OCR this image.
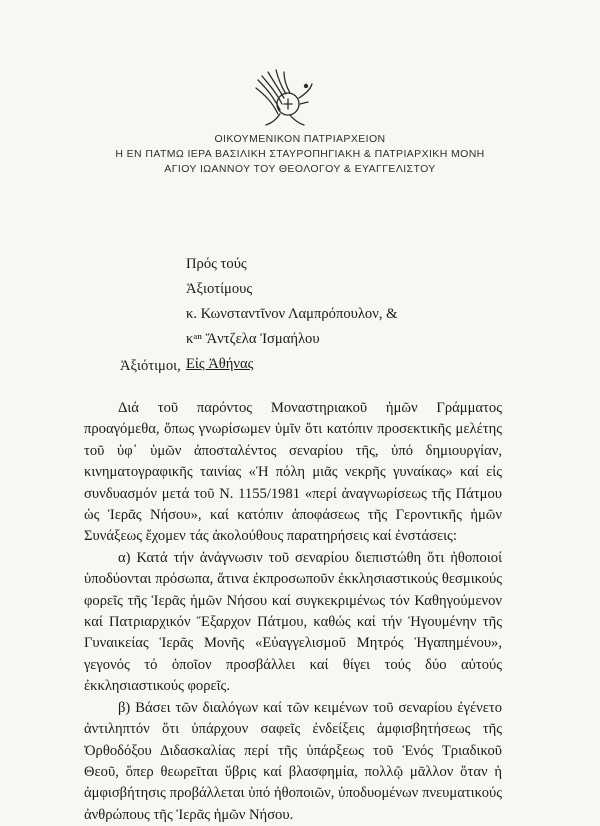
ΟΙΚΟΥΜΕΝΙΚΟΝ ΠΑΤΡΙΑΡΧΕΙΟΝ
Η ΕΝ ΠΑΤΜΩ ΙΕΡΑ ΒΑΣΙΛΙΚΗ ΣΤΑΥΡΟΠΗΓΙΑΚΗ & ΠΑΤΡΙΑΡΧΙΚΗ ΜΟΝΗ
ΑΓΙΟΥ ΙΩΑΝΝΟΥ ΤΟΥ ΘΕΟΛΟΓΟΥ & ΕΥΑΓΓΕΛΙΣΤΟΥ
Πρός τούς
Ἀξιοτίμους
κ. Κωνσταντῖνον Λαμπρόπουλον, &
κᵃⁿ Ἄντζελα Ἰσμαήλου
Εἰς Ἀθήνας
Ἀξιότιμοι,

Διά τοῦ παρόντος Μοναστηριακοῦ ἡμῶν Γράμματος προαγόμεθα, ὅπως γνωρίσωμεν ὑμῖν ὅτι κατόπιν προσεκτικῆς μελέτης τοῦ ὑφ᾽ ὑμῶν ἀποσταλέντος σεναρίου τῆς, ὑπό δημιουργίαν, κινηματογραφικῆς ταινίας «Ἡ πόλη μιᾶς νεκρῆς γυναίκας» καί εἰς συνδυασμόν μετά τοῦ Ν. 1155/1981 «περί ἀναγνωρίσεως τῆς Πάτμου ὡς Ἱερᾶς Νήσου», καί κατόπιν ἀποφάσεως τῆς Γεροντικῆς ἡμῶν Συνάξεως ἔχομεν τάς ἀκολούθους παρατηρήσεις καί ἐνστάσεις:

α) Κατά τήν ἀνάγνωσιν τοῦ σεναρίου διεπιστώθη ὅτι ἠθοποιοί ὑποδύονται πρόσωπα, ἅτινα ἐκπροσωποῦν ἐκκλησιαστικούς θεσμικούς φορεῖς τῆς Ἱερᾶς ἡμῶν Νήσου καί συγκεκριμένως τόν Καθηγούμενον καί Πατριαρχικόν Ἔξαρχον Πάτμου, καθώς καί τήν Ἡγουμένην τῆς Γυναικείας Ἱερᾶς Μονῆς «Εὐαγγελισμοῦ Μητρός Ἠγαπημένου», γεγονός τό ὁποῖον προσβάλλει καί θίγει τούς δύο αὐτούς ἐκκλησιαστικούς φορεῖς.

β) Βάσει τῶν διαλόγων καί τῶν κειμένων τοῦ σεναρίου ἐγένετο ἀντιληπτόν ὅτι ὑπάρχουν σαφεῖς ἐνδείξεις ἀμφισβητήσεως τῆς Ὀρθοδόξου Διδασκαλίας περί τῆς ὑπάρξεως τοῦ Ἑνός Τριαδικοῦ Θεοῦ, ὅπερ θεωρεῖται ὕβρις καί βλασφημία, πολλῷ μᾶλλον ὅταν ἡ ἀμφισβήτησις προβάλλεται ὑπό ἠθοποιῶν, ὑποδυομένων πνευματικούς ἀνθρώπους τῆς Ἱερᾶς ἡμῶν Νήσου.
